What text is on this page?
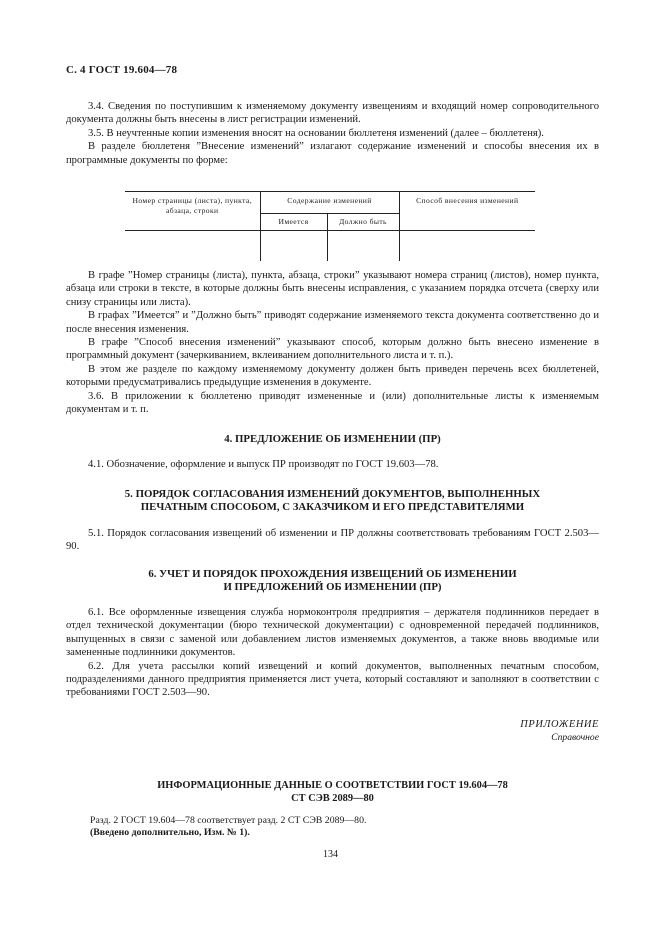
С. 4 ГОСТ 19.604—78

3.4. Сведения по поступившим к изменяемому документу извещениям и входящий номер сопроводительного документа должны быть внесены в лист регистрации изменений.

3.5. В неучтенные копии изменения вносят на основании бюллетеня изменений (далее – бюллетеня).

В разделе бюллетеня ”Внесение изменений” излагают содержание изменений и способы внесения их в программные документы по форме:

Номер страницы (листа), пункта, абзаца, строки	Содержание изменений		Способ внесения изменений
	Имеется	Должно быть	

В графе ”Номер страницы (листа), пункта, абзаца, строки” указывают номера страниц (листов), номер пункта, абзаца или строки в тексте, в которые должны быть внесены исправления, с указанием порядка отсчета (сверху или снизу страницы или листа).

В графах ”Имеется” и ”Должно быть” приводят содержание изменяемого текста документа соответственно до и после внесения изменения.

В графе ”Способ внесения изменений” указывают способ, которым должно быть внесено изменение в программный документ (зачеркиванием, вклеиванием дополнительного листа и т. п.).

В этом же разделе по каждому изменяемому документу должен быть приведен перечень всех бюллетеней, которыми предусматривались предыдущие изменения в документе.

3.6. В приложении к бюллетеню приводят измененные и (или) дополнительные листы к изменяемым документам и т. п.

4. ПРЕДЛОЖЕНИЕ ОБ ИЗМЕНЕНИИ (ПР)

4.1. Обозначение, оформление и выпуск ПР производят по ГОСТ 19.603—78.

5. ПОРЯДОК СОГЛАСОВАНИЯ ИЗМЕНЕНИЙ ДОКУМЕНТОВ, ВЫПОЛНЕННЫХ
ПЕЧАТНЫМ СПОСОБОМ, С ЗАКАЗЧИКОМ И ЕГО ПРЕДСТАВИТЕЛЯМИ

5.1. Порядок согласования извещений об изменении и ПР должны соответствовать требованиям ГОСТ 2.503—90.

6. УЧЕТ И ПОРЯДОК ПРОХОЖДЕНИЯ ИЗВЕЩЕНИЙ ОБ ИЗМЕНЕНИИ
И ПРЕДЛОЖЕНИЙ ОБ ИЗМЕНЕНИИ (ПР)

6.1. Все оформленные извещения служба нормоконтроля предприятия – держателя подлинников передает в отдел технической документации (бюро технической документации) с одновременной передачей подлинников, выпущенных в связи с заменой или добавлением листов изменяемых документов, а также вновь вводимые или замененные подлинники документов.

6.2. Для учета рассылки копий извещений и копий документов, выполненных печатным способом, подразделениями данного предприятия применяется лист учета, который составляют и заполняют в соответствии с требованиями ГОСТ 2.503—90.

ПРИЛОЖЕНИЕ
Справочное
ИНФОРМАЦИОННЫЕ ДАННЫЕ О СООТВЕТСТВИИ ГОСТ 19.604—78
СТ СЭВ 2089—80
Разд. 2 ГОСТ 19.604—78 соответствует разд. 2 СТ СЭВ 2089—80.
(Введено дополнительно, Изм. № 1).
134
